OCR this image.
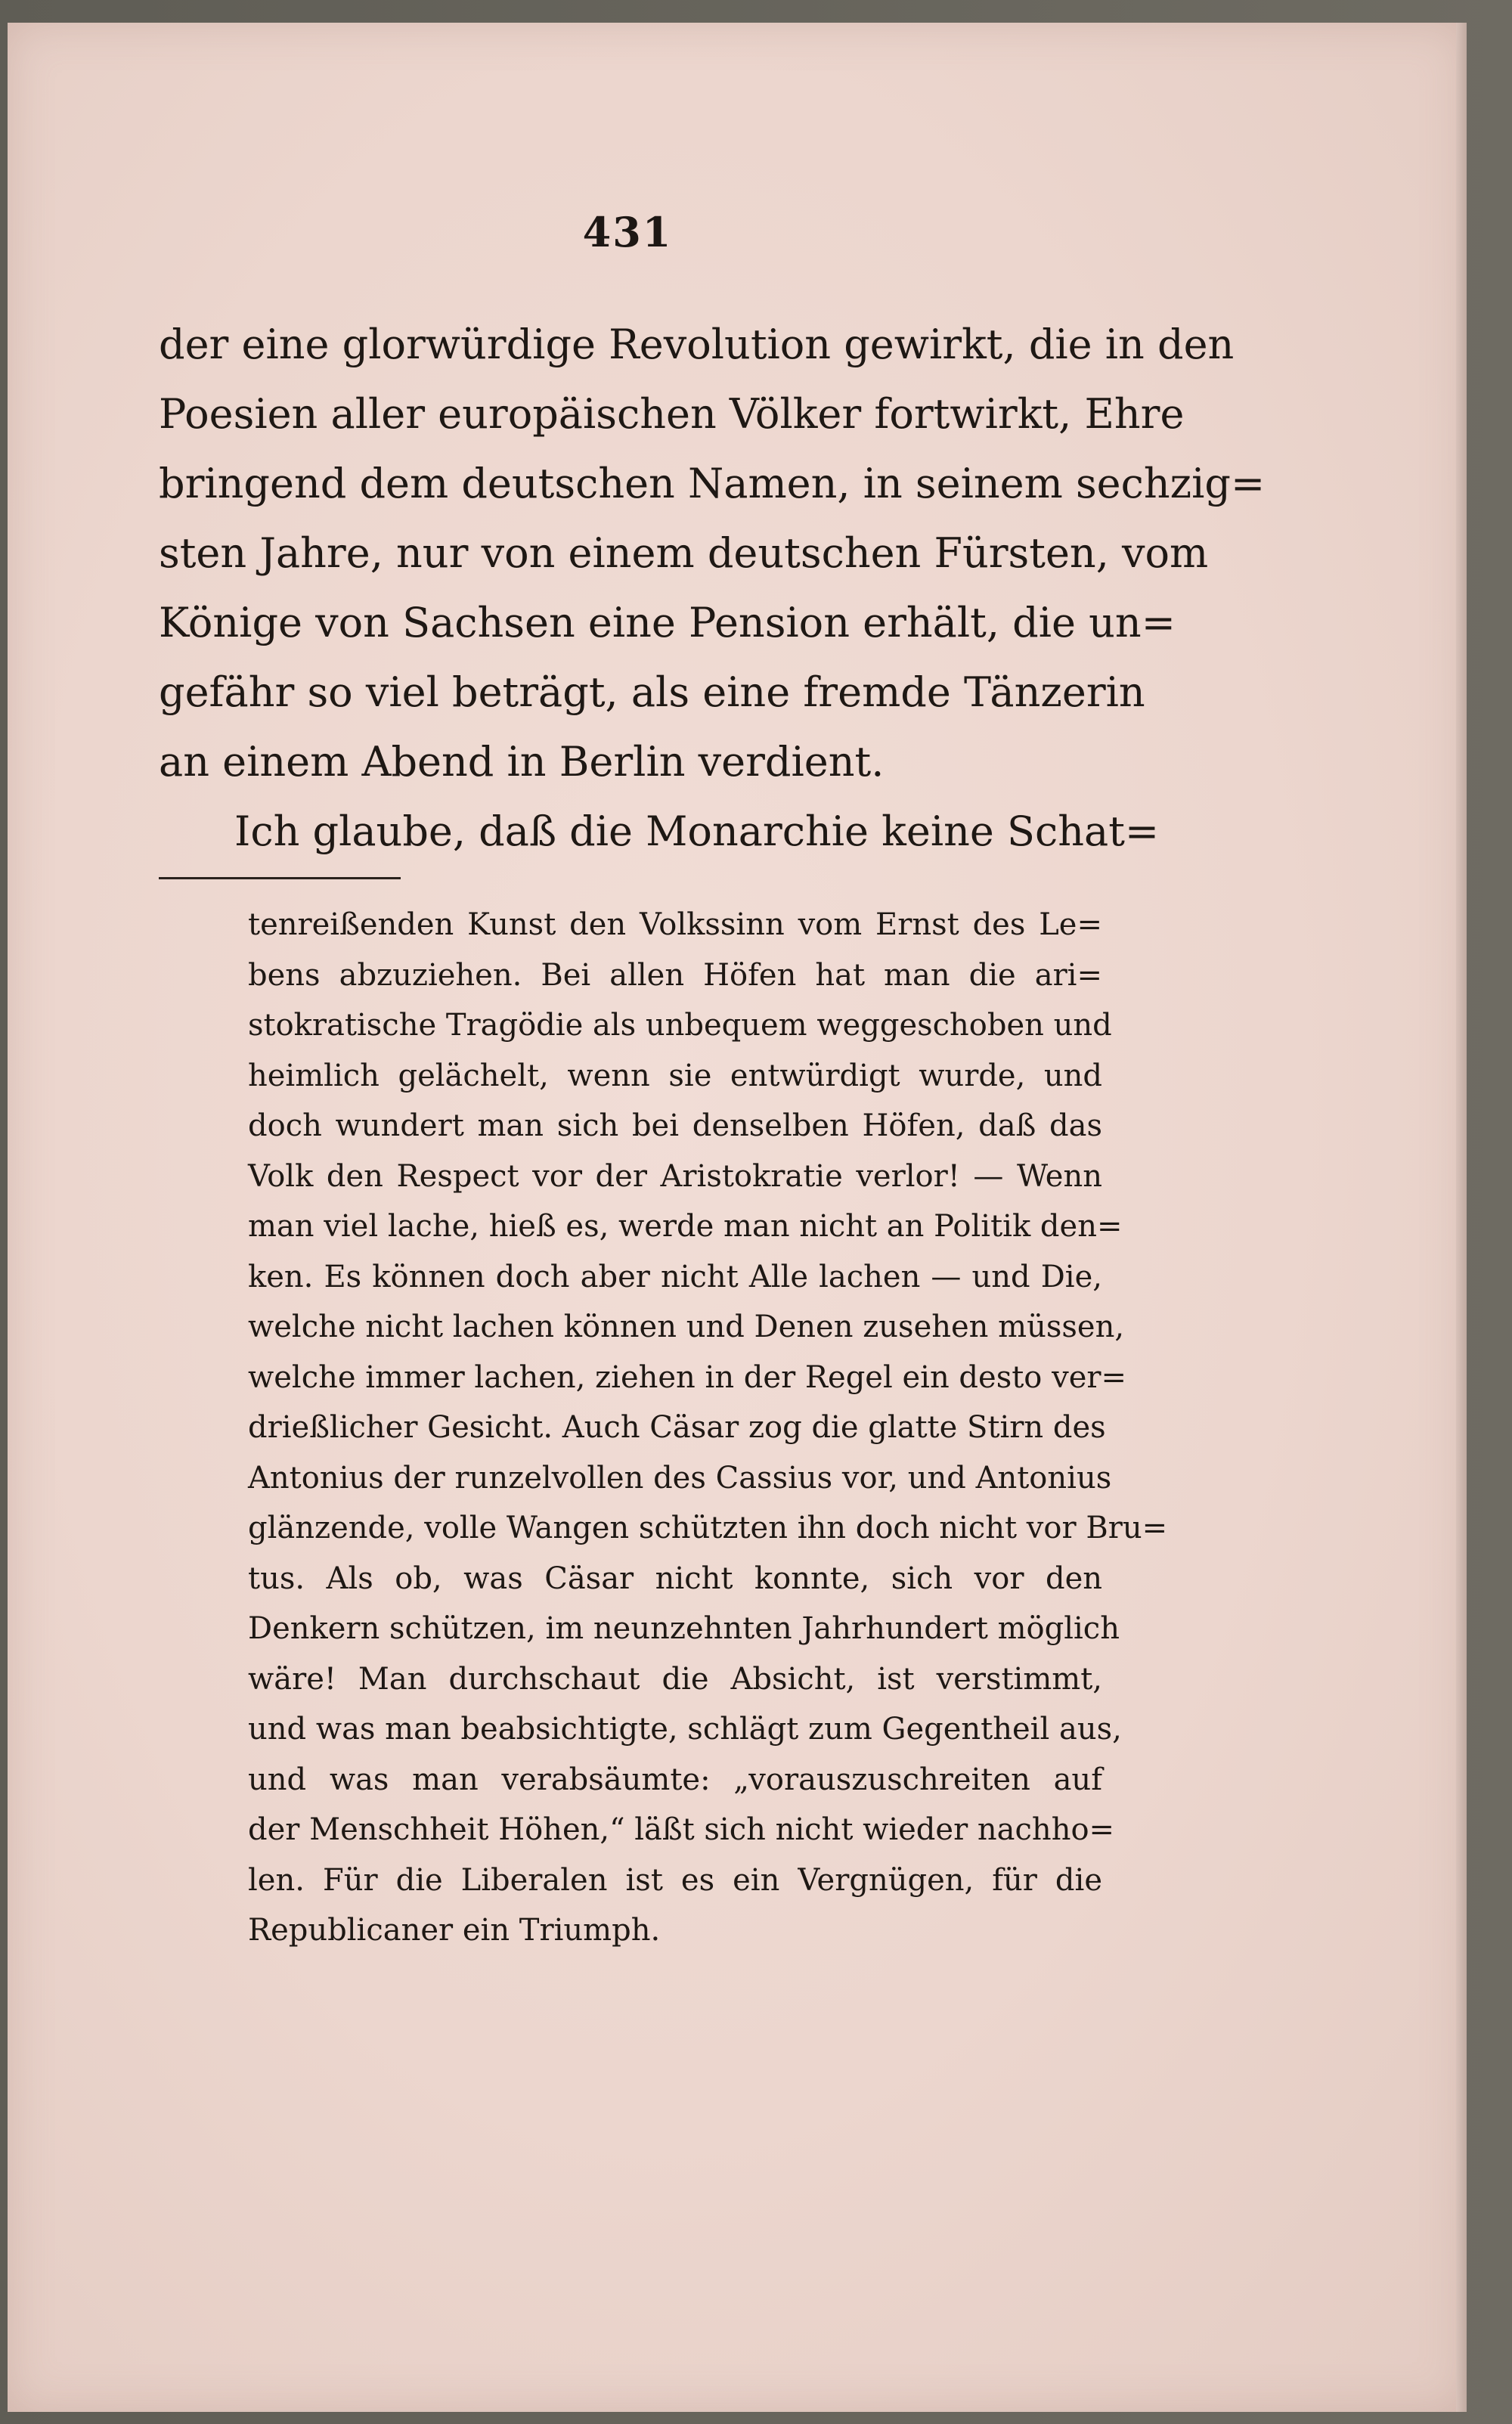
431
der eine glorwürdige Revolution gewirkt, die in den
Poesien aller europäischen Völker fortwirkt, Ehre
bringend dem deutschen Namen, in seinem sechzig=
sten Jahre, nur von einem deutschen Fürsten, vom
Könige von Sachsen eine Pension erhält, die un=
gefähr so viel beträgt, als eine fremde Tänzerin
an einem Abend in Berlin verdient.
Ich glaube, daß die Monarchie keine Schat=
tenreißenden Kunst den Volkssinn vom Ernst des Le=
bens abzuziehen. Bei allen Höfen hat man die ari=
stokratische Tragödie als unbequem weggeschoben und
heimlich gelächelt, wenn sie entwürdigt wurde, und
doch wundert man sich bei denselben Höfen, daß das
Volk den Respect vor der Aristokratie verlor! — Wenn
man viel lache, hieß es, werde man nicht an Politik den=
ken. Es können doch aber nicht Alle lachen — und Die,
welche nicht lachen können und Denen zusehen müssen,
welche immer lachen, ziehen in der Regel ein desto ver=
drießlicher Gesicht. Auch Cäsar zog die glatte Stirn des
Antonius der runzelvollen des Cassius vor, und Antonius
glänzende, volle Wangen schützten ihn doch nicht vor Bru=
tus. Als ob, was Cäsar nicht konnte, sich vor den
Denkern schützen, im neunzehnten Jahrhundert möglich
wäre! Man durchschaut die Absicht, ist verstimmt,
und was man beabsichtigte, schlägt zum Gegentheil aus,
und was man verabsäumte: „vorauszuschreiten auf
der Menschheit Höhen,“ läßt sich nicht wieder nachho=
len. Für die Liberalen ist es ein Vergnügen, für die
Republicaner ein Triumph.
